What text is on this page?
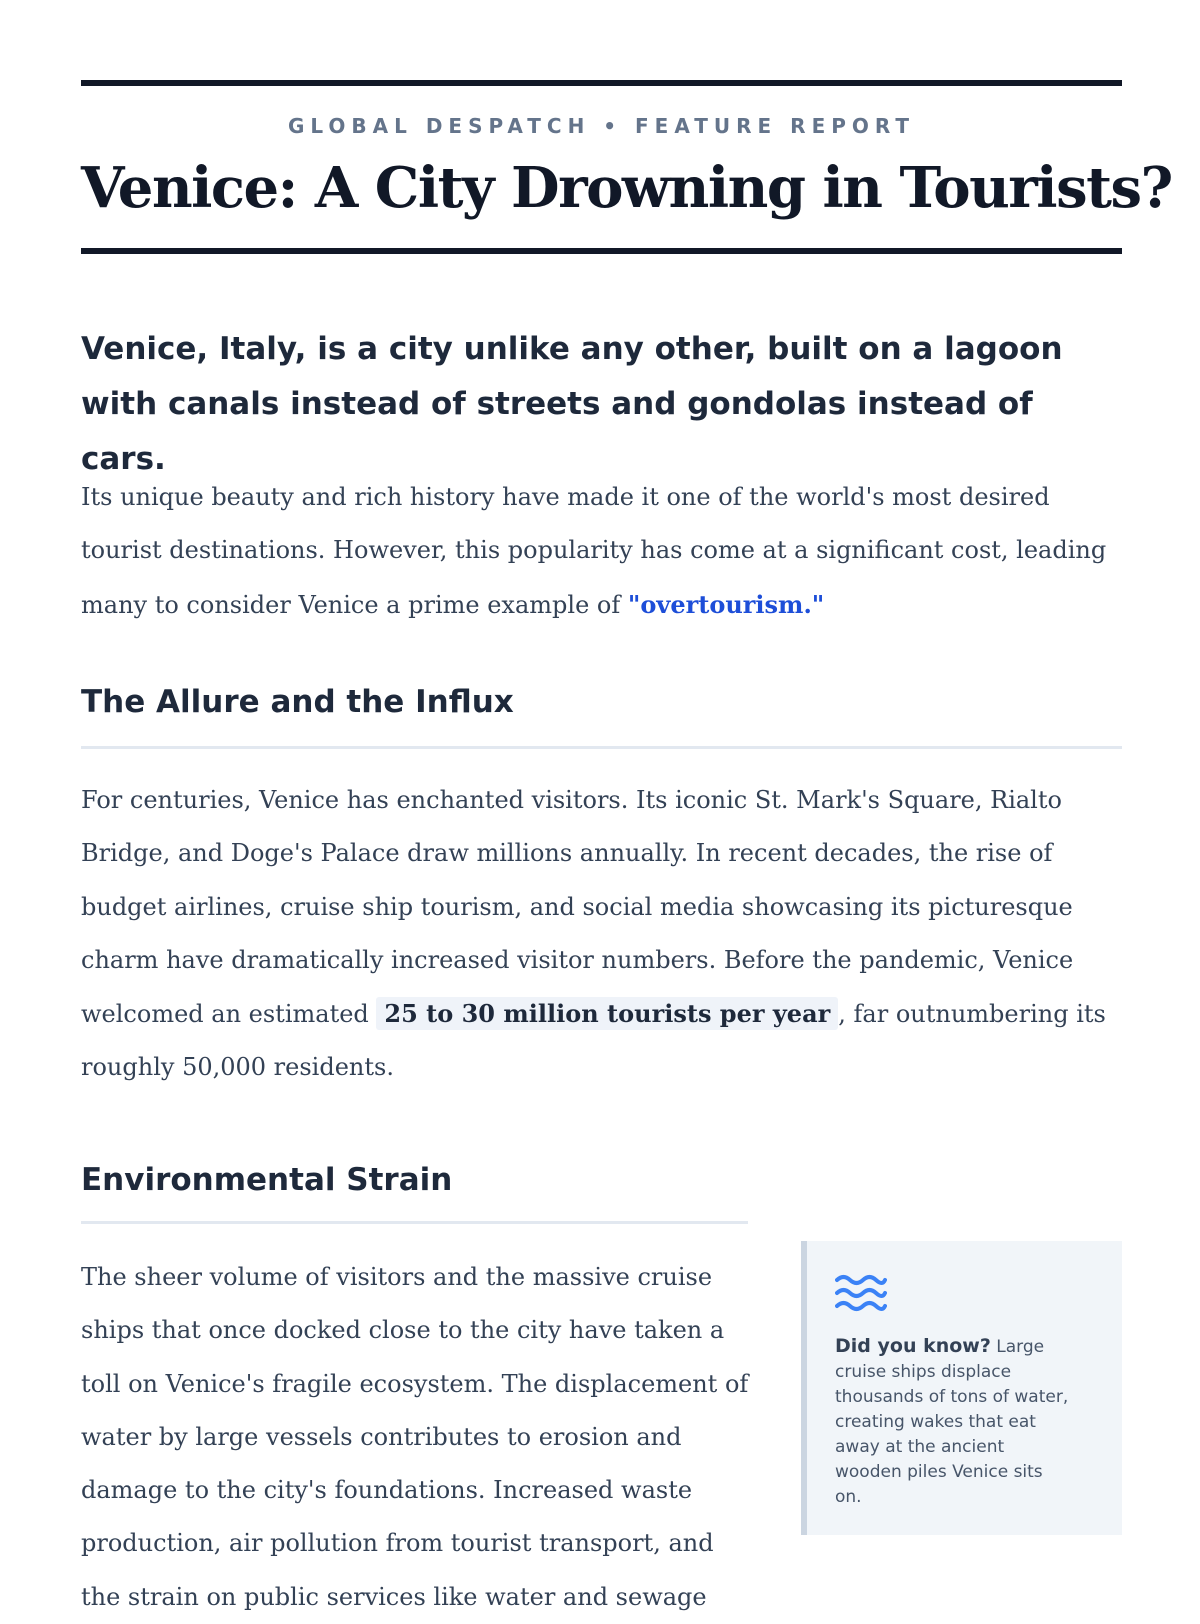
GLOBAL DESPATCH • FEATURE REPORT
Venice: A City Drowning in Tourists?

Venice, Italy, is a city unlike any other, built on a lagoon with canals instead of streets and gondolas instead of cars.

Its unique beauty and rich history have made it one of the world's most desired tourist destinations. However, this popularity has come at a significant cost, leading many to consider Venice a prime example of "overtourism."

The Allure and the Influx

For centuries, Venice has enchanted visitors. Its iconic St. Mark's Square, Rialto Bridge, and Doge's Palace draw millions annually. In recent decades, the rise of budget airlines, cruise ship tourism, and social media showcasing its picturesque charm have dramatically increased visitor numbers. Before the pandemic, Venice welcomed an estimated 25 to 30 million tourists per year , far outnumbering its roughly 50,000 residents.

Environmental Strain

The sheer volume of visitors and the massive cruise ships that once docked close to the city have taken a toll on Venice's fragile ecosystem. The displacement of water by large vessels contributes to erosion and damage to the city's foundations. Increased waste production, air pollution from tourist transport, and the strain on public services like water and sewage

Did you know? Large cruise ships displace thousands of tons of water, creating wakes that eat away at the ancient wooden piles Venice sits on.
